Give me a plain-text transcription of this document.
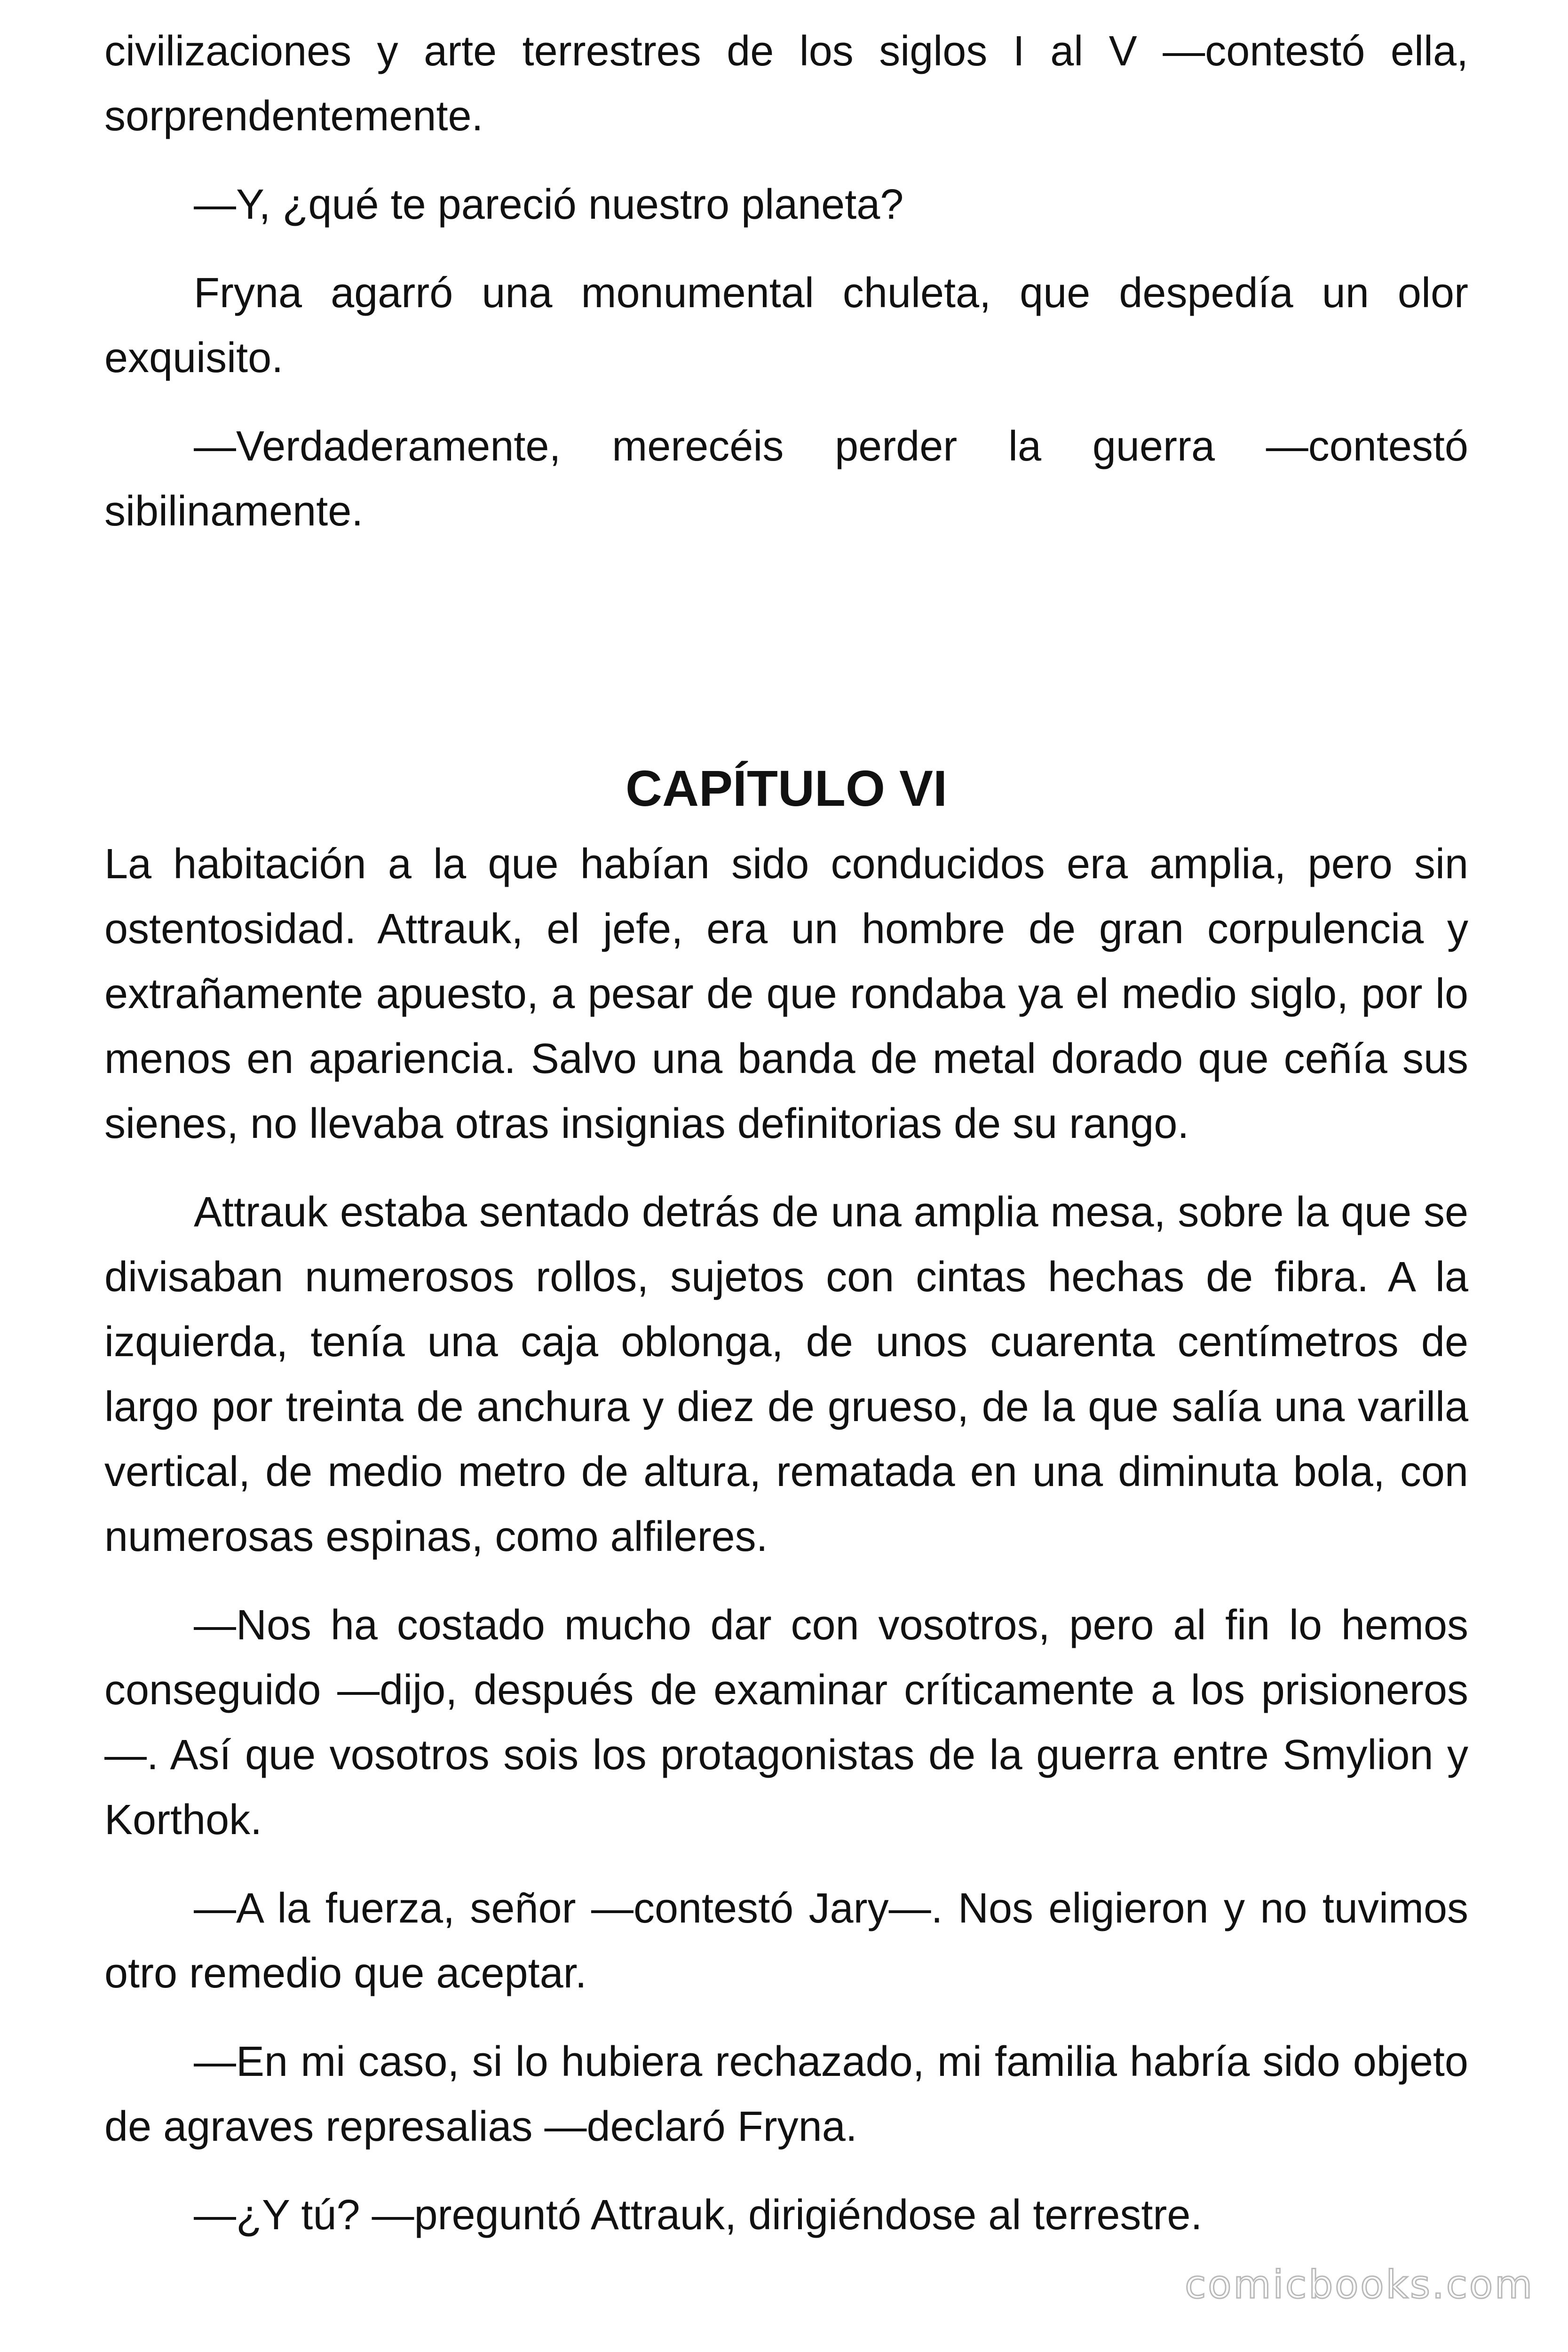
civilizaciones y arte terrestres de los siglos I al V —contestó ella, sorprendentemente.

—Y, ¿qué te pareció nuestro planeta?

Fryna agarró una monumental chuleta, que despedía un olor exquisito.

—Verdaderamente, merecéis perder la guerra —contestó sibilinamente.

CAPÍTULO VI

La habitación a la que habían sido conducidos era amplia, pero sin ostentosidad. Attrauk, el jefe, era un hombre de gran corpulencia y extrañamente apuesto, a pesar de que rondaba ya el medio siglo, por lo menos en apariencia. Salvo una banda de metal dorado que ceñía sus sienes, no llevaba otras insignias definitorias de su rango.

Attrauk estaba sentado detrás de una amplia mesa, sobre la que se divisaban numerosos rollos, sujetos con cintas hechas de fibra. A la izquierda, tenía una caja oblonga, de unos cuarenta centímetros de largo por treinta de anchura y diez de grueso, de la que salía una varilla vertical, de medio metro de altura, rematada en una diminuta bola, con numerosas espinas, como alfileres.

—Nos ha costado mucho dar con vosotros, pero al fin lo hemos conseguido —dijo, después de examinar críticamente a los prisioneros —. Así que vosotros sois los protagonistas de la guerra entre Smylion y Korthok.

—A la fuerza, señor —contestó Jary—. Nos eligieron y no tuvimos otro remedio que aceptar.

—En mi caso, si lo hubiera rechazado, mi familia habría sido objeto de agraves represalias —declaró Fryna.

—¿Y tú? —preguntó Attrauk, dirigiéndose al terrestre.

comicbooks.com
